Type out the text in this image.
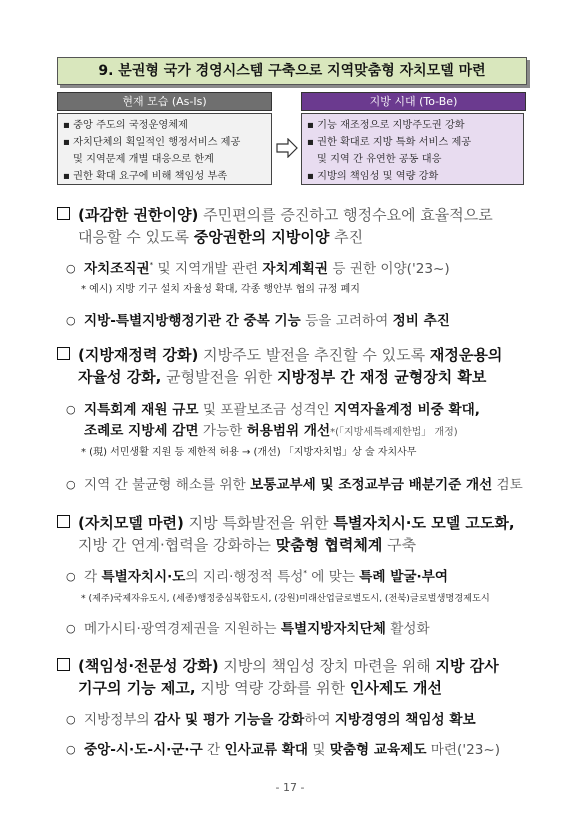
9. 분권형 국가 경영시스템 구축으로 지역맞춤형 자치모델 마련
현재 모습 (As-Is)	지방 시대 (To-Be)
▪ 중앙 주도의 국정운영체제
▪ 자치단체의 획일적인 행정서비스 제공
및 지역문제 개별 대응으로 한계
▪ 권한 확대 요구에 비해 책임성 부족
▪ 기능 재조정으로 지방주도권 강화
▪ 권한 확대로 지방 특화 서비스 제공
및 지역 간 유연한 공동 대응
▪ 지방의 책임성 및 역량 강화
(과감한 권한이양) 주민편의를 증진하고 행정수요에 효율적으로
대응할 수 있도록 중앙권한의 지방이양 추진
○ 자치조직권* 및 지역개발 관련 자치계획권 등 권한 이양('23~)
* 예시) 지방 기구 설치 자율성 확대, 각종 행안부 협의 규정 폐지
○ 지방-특별지방행정기관 간 중복 기능 등을 고려하여 정비 추진
(지방재정력 강화) 지방주도 발전을 추진할 수 있도록 재정운용의
자율성 강화, 균형발전을 위한 지방정부 간 재정 균형장치 확보
○ 지특회계 재원 규모 및 포괄보조금 성격인 지역자율계정 비중 확대,
조례로 지방세 감면 가능한 허용범위 개선*(「지방세특례제한법」 개정)
* (現) 서민생활 지원 등 제한적 허용 → (개선) 「지방자치법」상 술 자치사무
○ 지역 간 불균형 해소를 위한 보통교부세 및 조정교부금 배분기준 개선 검토
(자치모델 마련) 지방 특화발전을 위한 특별자치시·도 모델 고도화,
지방 간 연계·협력을 강화하는 맞춤형 협력체계 구축
○ 각 특별자치시·도의 지리·행정적 특성* 에 맞는 특례 발굴·부여
* (제주)국제자유도시, (세종)행정중심복합도시, (강원)미래산업글로벌도시, (전북)글로벌생명경제도시
○ 메가시티·광역경제권을 지원하는 특별지방자치단체 활성화
(책임성·전문성 강화) 지방의 책임성 장치 마련을 위해 지방 감사
기구의 기능 제고, 지방 역량 강화를 위한 인사제도 개선
○ 지방정부의 감사 및 평가 기능을 강화하여 지방경영의 책임성 확보
○ 중앙-시·도-시·군·구 간 인사교류 확대 및 맞춤형 교육제도 마련('23~)
- 17 -
